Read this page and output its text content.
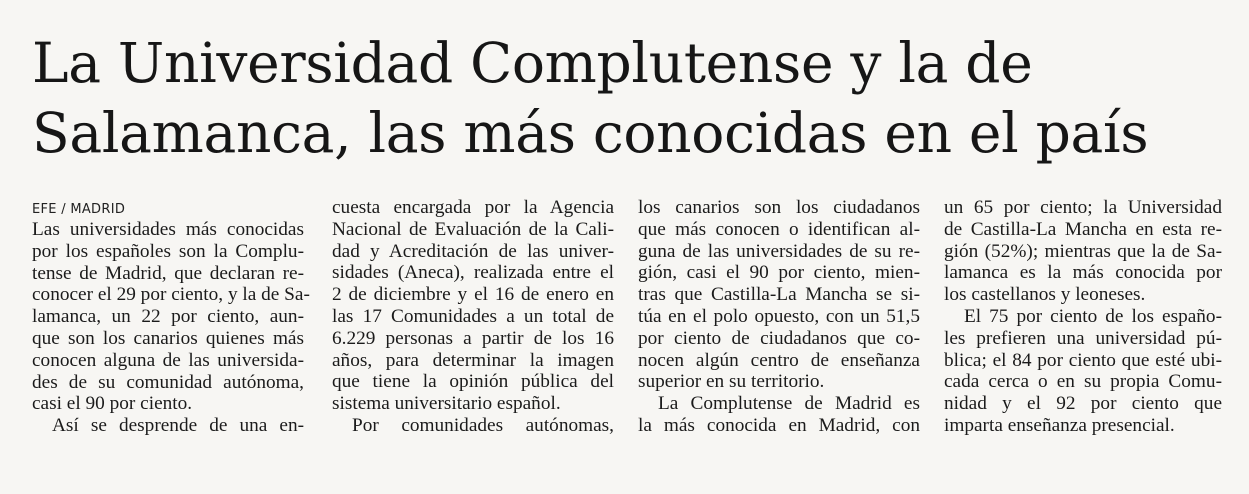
La Universidad Complutense y la de
Salamanca, las más conocidas en el país
EFE / MADRID
Las universidades más conocidas
por los españoles son la Complu-
tense de Madrid, que declaran re-
conocer el 29 por ciento, y la de Sa-
lamanca, un 22 por ciento, aun-
que son los canarios quienes más
conocen alguna de las universida-
des de su comunidad autónoma,
casi el 90 por ciento.
Así se desprende de una en-
cuesta encargada por la Agencia
Nacional de Evaluación de la Cali-
dad y Acreditación de las univer-
sidades (Aneca), realizada entre el
2 de diciembre y el 16 de enero en
las 17 Comunidades a un total de
6.229 personas a partir de los 16
años, para determinar la imagen
que tiene la opinión pública del
sistema universitario español.
Por comunidades autónomas,
los canarios son los ciudadanos
que más conocen o identifican al-
guna de las universidades de su re-
gión, casi el 90 por ciento, mien-
tras que Castilla-La Mancha se si-
túa en el polo opuesto, con un 51,5
por ciento de ciudadanos que co-
nocen algún centro de enseñanza
superior en su territorio.
La Complutense de Madrid es
la más conocida en Madrid, con
un 65 por ciento; la Universidad
de Castilla-La Mancha en esta re-
gión (52%); mientras que la de Sa-
lamanca es la más conocida por
los castellanos y leoneses.
El 75 por ciento de los españo-
les prefieren una universidad pú-
blica; el 84 por ciento que esté ubi-
cada cerca o en su propia Comu-
nidad y el 92 por ciento que
imparta enseñanza presencial.
